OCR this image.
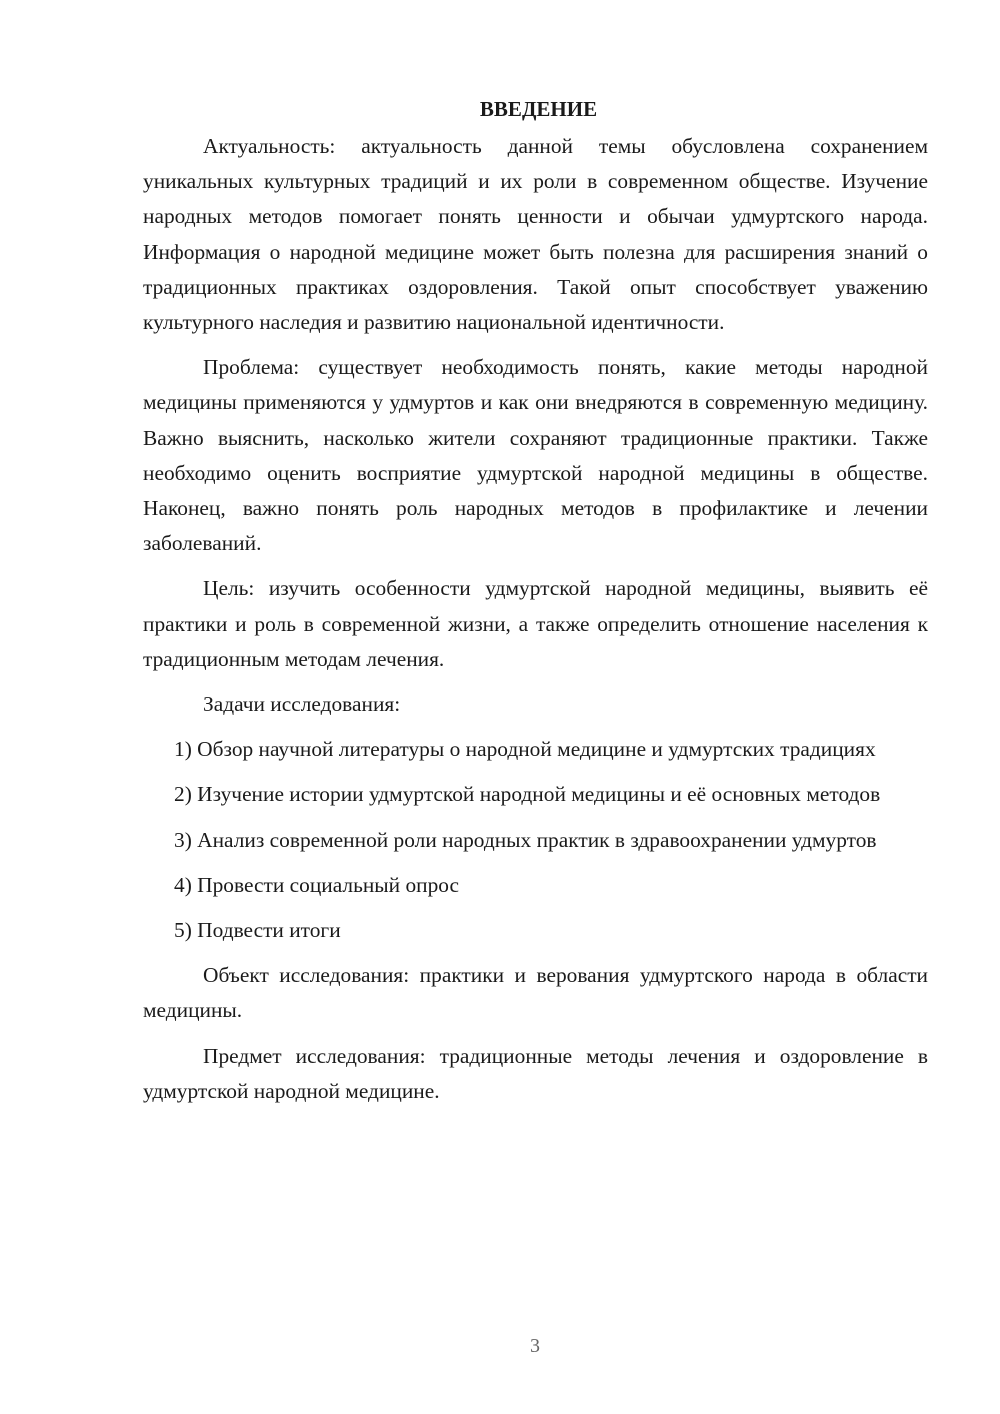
ВВЕДЕНИЕ

Актуальность: актуальность данной темы обусловлена сохранением уникальных культурных традиций и их роли в современном обществе. Изучение народных методов помогает понять ценности и обычаи удмуртского народа. Информация о народной медицине может быть полезна для расширения знаний о традиционных практиках оздоровления. Такой опыт способствует уважению культурного наследия и развитию национальной идентичности.

Проблема: существует необходимость понять, какие методы народной медицины применяются у удмуртов и как они внедряются в современную медицину. Важно выяснить, насколько жители сохраняют традиционные практики. Также необходимо оценить восприятие удмуртской народной медицины в обществе. Наконец, важно понять роль народных методов в профилактике и лечении заболеваний.

Цель: изучить особенности удмуртской народной медицины, выявить её практики и роль в современной жизни, а также определить отношение населения к традиционным методам лечения.

Задачи исследования:

1) Обзор научной литературы о народной медицине и удмуртских традициях

2) Изучение истории удмуртской народной медицины и её основных методов

3) Анализ современной роли народных практик в здравоохранении удмуртов

4) Провести социальный опрос

5) Подвести итоги

Объект исследования: практики и верования удмуртского народа в области медицины.

Предмет исследования: традиционные методы лечения и оздоровление в удмуртской народной медицине.

3
